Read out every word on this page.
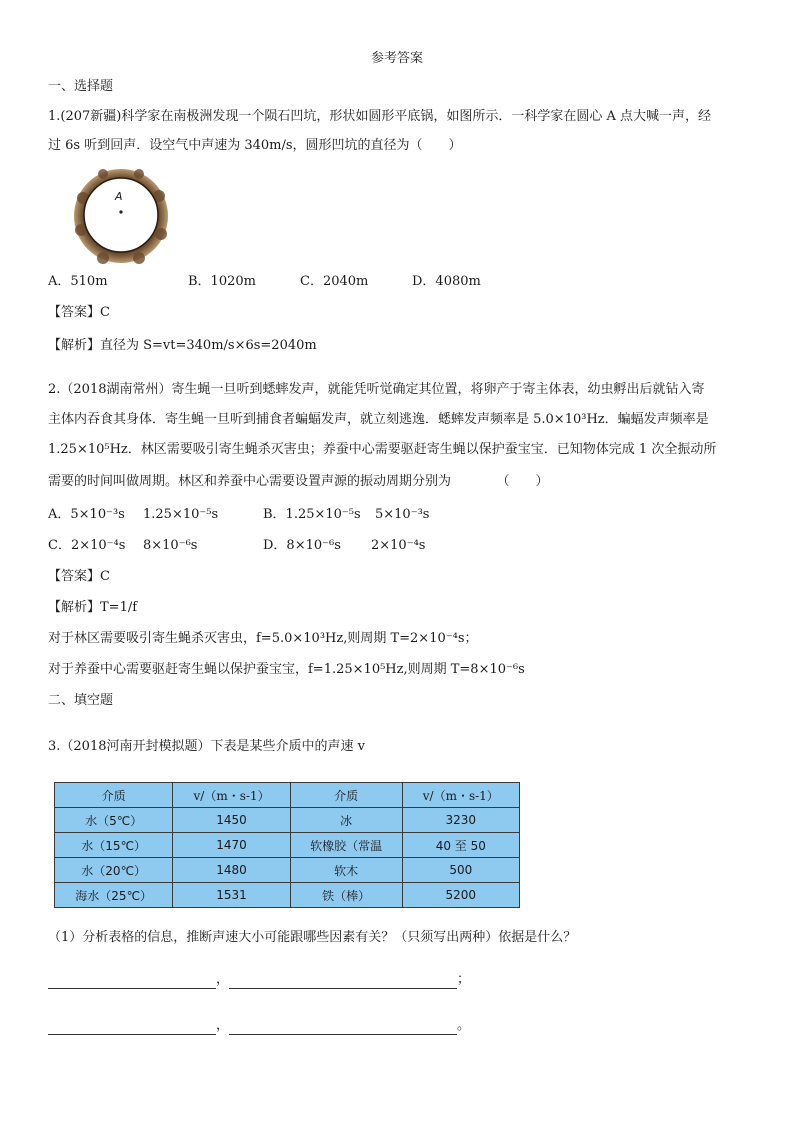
参考答案
一、选择题
1.(207新疆)科学家在南极洲发现一个陨石凹坑，形状如圆形平底锅，如图所示．一科学家在圆心 A 点大喊一声，经
过 6s 听到回声．设空气中声速为 340m/s，圆形凹坑的直径为（　　）
A
A．510m	B．1020m	C．2040m	D．4080m
【答案】C
【解析】直径为 S=vt=340m/s×6s=2040m
2.（2018湖南常州）寄生蝇一旦听到蟋蟀发声，就能凭听觉确定其位置，将卵产于寄主体表，幼虫孵出后就钻入寄
主体内吞食其身体．寄生蝇一旦听到捕食者蝙蝠发声，就立刻逃逸．蟋蟀发声频率是 5.0×10³Hz．蝙蝠发声频率是
1.25×10⁵Hz．林区需要吸引寄生蝇杀灭害虫；养蚕中心需要驱赶寄生蝇以保护蚕宝宝．已知物体完成 1 次全振动所
需要的时间叫做周期。林区和养蚕中心需要设置声源的振动周期分别为　　　　（　　）
A．5×10⁻³s 1.25×10⁻⁵s	B．1.25×10⁻⁵s 5×10⁻³s
C．2×10⁻⁴s 8×10⁻⁶s	D．8×10⁻⁶s 2×10⁻⁴s
【答案】C
【解析】T=1/f
对于林区需要吸引寄生蝇杀灭害虫，f=5.0×10³Hz,则周期 T=2×10⁻⁴s；
对于养蚕中心需要驱赶寄生蝇以保护蚕宝宝，f=1.25×10⁵Hz,则周期 T=8×10⁻⁶s
二、填空题
3.（2018河南开封模拟题）下表是某些介质中的声速 v
介质	v/（m・s-1）	介质	v/（m・s-1）
水（5℃）	1450	冰	3230
水（15℃）	1470	软橡胶（常温	40 至 50
水（20℃）	1480	软木	500
海水（25℃）	1531	铁（棒）	5200
（1）分析表格的信息，推断声速大小可能跟哪些因素有关？（只须写出两种）依据是什么？
，	；
，	。
